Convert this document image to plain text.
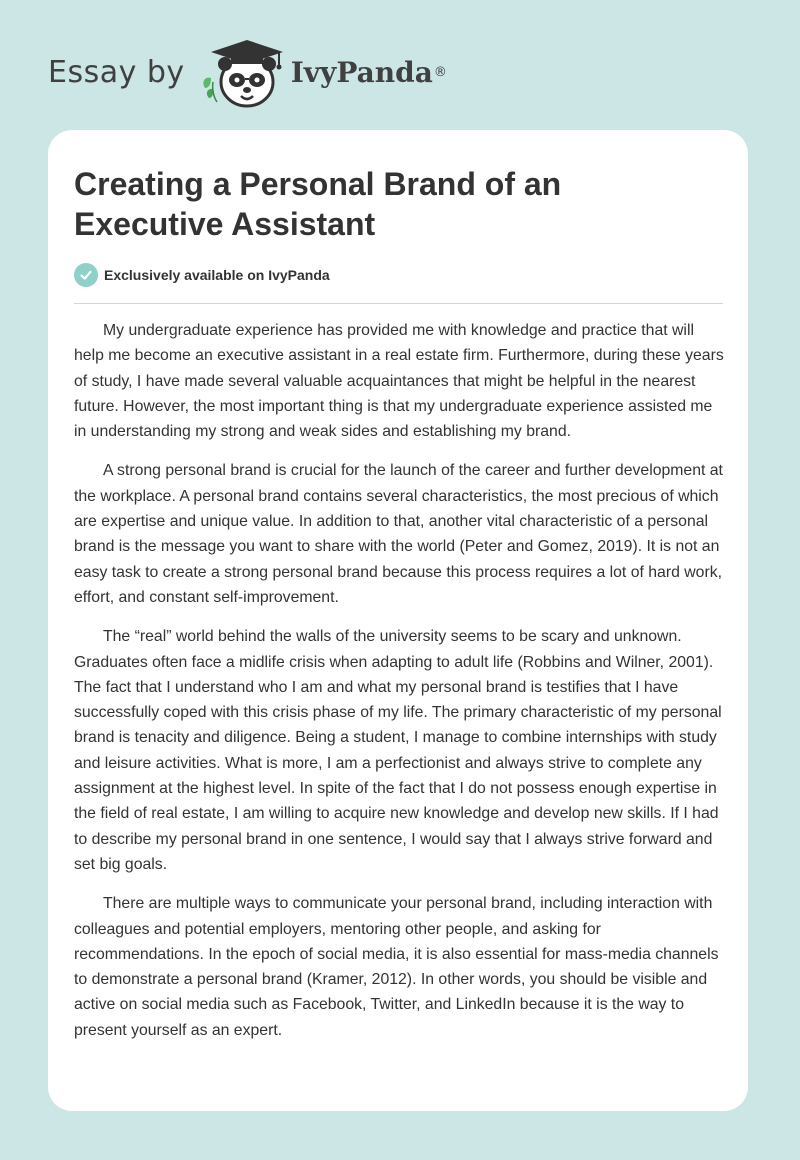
Essay by	IvyPanda ®
Creating a Personal Brand of an Executive Assistant
Exclusively available on IvyPanda

My undergraduate experience has provided me with knowledge and practice that will help me become an executive assistant in a real estate firm. Furthermore, during these years of study, I have made several valuable acquaintances that might be helpful in the nearest future. However, the most important thing is that my undergraduate experience assisted me in understanding my strong and weak sides and establishing my brand.

A strong personal brand is crucial for the launch of the career and further development at the workplace. A personal brand contains several characteristics, the most precious of which are expertise and unique value. In addition to that, another vital characteristic of a personal brand is the message you want to share with the world (Peter and Gomez, 2019). It is not an easy task to create a strong personal brand because this process requires a lot of hard work, effort, and constant self-improvement.

The “real” world behind the walls of the university seems to be scary and unknown. Graduates often face a midlife crisis when adapting to adult life (Robbins and Wilner, 2001). The fact that I understand who I am and what my personal brand is testifies that I have successfully coped with this crisis phase of my life. The primary characteristic of my personal brand is tenacity and diligence. Being a student, I manage to combine internships with study and leisure activities. What is more, I am a perfectionist and always strive to complete any assignment at the highest level. In spite of the fact that I do not possess enough expertise in the field of real estate, I am willing to acquire new knowledge and develop new skills. If I had to describe my personal brand in one sentence, I would say that I always strive forward and set big goals.

There are multiple ways to communicate your personal brand, including interaction with colleagues and potential employers, mentoring other people, and asking for recommendations. In the epoch of social media, it is also essential for mass-media channels to demonstrate a personal brand (Kramer, 2012). In other words, you should be visible and active on social media such as Facebook, Twitter, and LinkedIn because it is the way to present yourself as an expert.
